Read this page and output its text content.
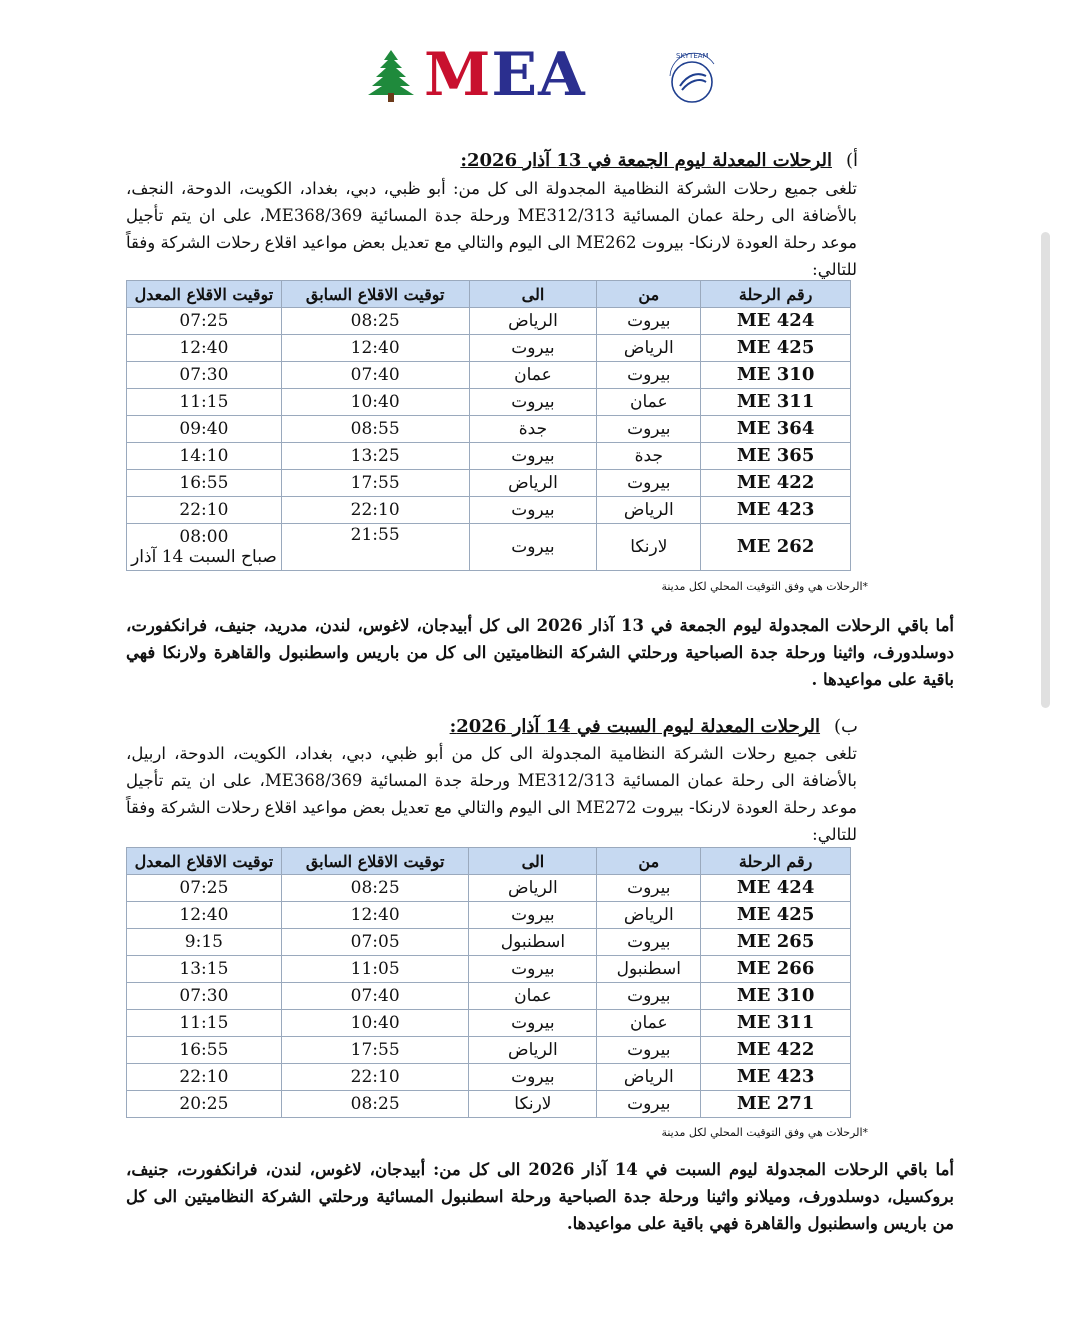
M E A	SKYTEAM
أ)الرحلات المعدلة ليوم الجمعة في 13 آذار 2026:

تلغى جميع رحلات الشركة النظامية المجدولة الى كل من: أبو ظبي، دبي، بغداد، الكويت، الدوحة، النجف، بالأضافة الى رحلة عمان المسائية ME312/313 ورحلة جدة المسائية ME368/369، على ان يتم تأجيل موعد رحلة العودة لارنكا- بيروت ME262 الى اليوم والتالي مع تعديل بعض مواعيد اقلاع رحلات الشركة وفقاً للتالي:

رقم الرحلة	من	الى	توقيت الاقلاع السابق	توقيت الاقلاع المعدل
ME 424	بيروت	الرياض	08:25	07:25
ME 425	الرياض	بيروت	12:40	12:40
ME 310	بيروت	عمان	07:40	07:30
ME 311	عمان	بيروت	10:40	11:15
ME 364	بيروت	جدة	08:55	09:40
ME 365	جدة	بيروت	13:25	14:10
ME 422	بيروت	الرياض	17:55	16:55
ME 423	الرياض	بيروت	22:10	22:10
ME 262	لارنكا	بيروت	21:55	08:00
صباح السبت 14 آذار
*الرحلات هي وفق التوقيت المحلي لكل مدينة

أما باقي الرحلات المجدولة ليوم الجمعة في 13 آذار 2026 الى كل أبيدجان، لاغوس، لندن، مدريد، جنيف، فرانكفورت، دوسلدورف، واثينا ورحلة جدة الصباحية ورحلتي الشركة النظاميتين الى كل من باريس واسطنبول والقاهرة ولارنكا فهي باقية على مواعيدها .

ب)الرحلات المعدلة ليوم السبت في 14 آذار 2026:

تلغى جميع رحلات الشركة النظامية المجدولة الى كل من أبو ظبي، دبي، بغداد، الكويت، الدوحة، اربيل، بالأضافة الى رحلة عمان المسائية ME312/313 ورحلة جدة المسائية ME368/369، على ان يتم تأجيل موعد رحلة العودة لارنكا- بيروت ME272 الى اليوم والتالي مع تعديل بعض مواعيد اقلاع رحلات الشركة وفقاً للتالي:

رقم الرحلة	من	الى	توقيت الاقلاع السابق	توقيت الاقلاع المعدل
ME 424	بيروت	الرياض	08:25	07:25
ME 425	الرياض	بيروت	12:40	12:40
ME 265	بيروت	اسطنبول	07:05	9:15
ME 266	اسطنبول	بيروت	11:05	13:15
ME 310	بيروت	عمان	07:40	07:30
ME 311	عمان	بيروت	10:40	11:15
ME 422	بيروت	الرياض	17:55	16:55
ME 423	الرياض	بيروت	22:10	22:10
ME 271	بيروت	لارنكا	08:25	20:25
*الرحلات هي وفق التوقيت المحلي لكل مدينة

أما باقي الرحلات المجدولة ليوم السبت في 14 آذار 2026 الى كل من: أبيدجان، لاغوس، لندن، فرانكفورت، جنيف، بروكسيل، دوسلدورف، وميلانو واثينا ورحلة جدة الصباحية ورحلة اسطنبول المسائية ورحلتي الشركة النظاميتين الى كل من باريس واسطنبول والقاهرة فهي باقية على مواعيدها.
